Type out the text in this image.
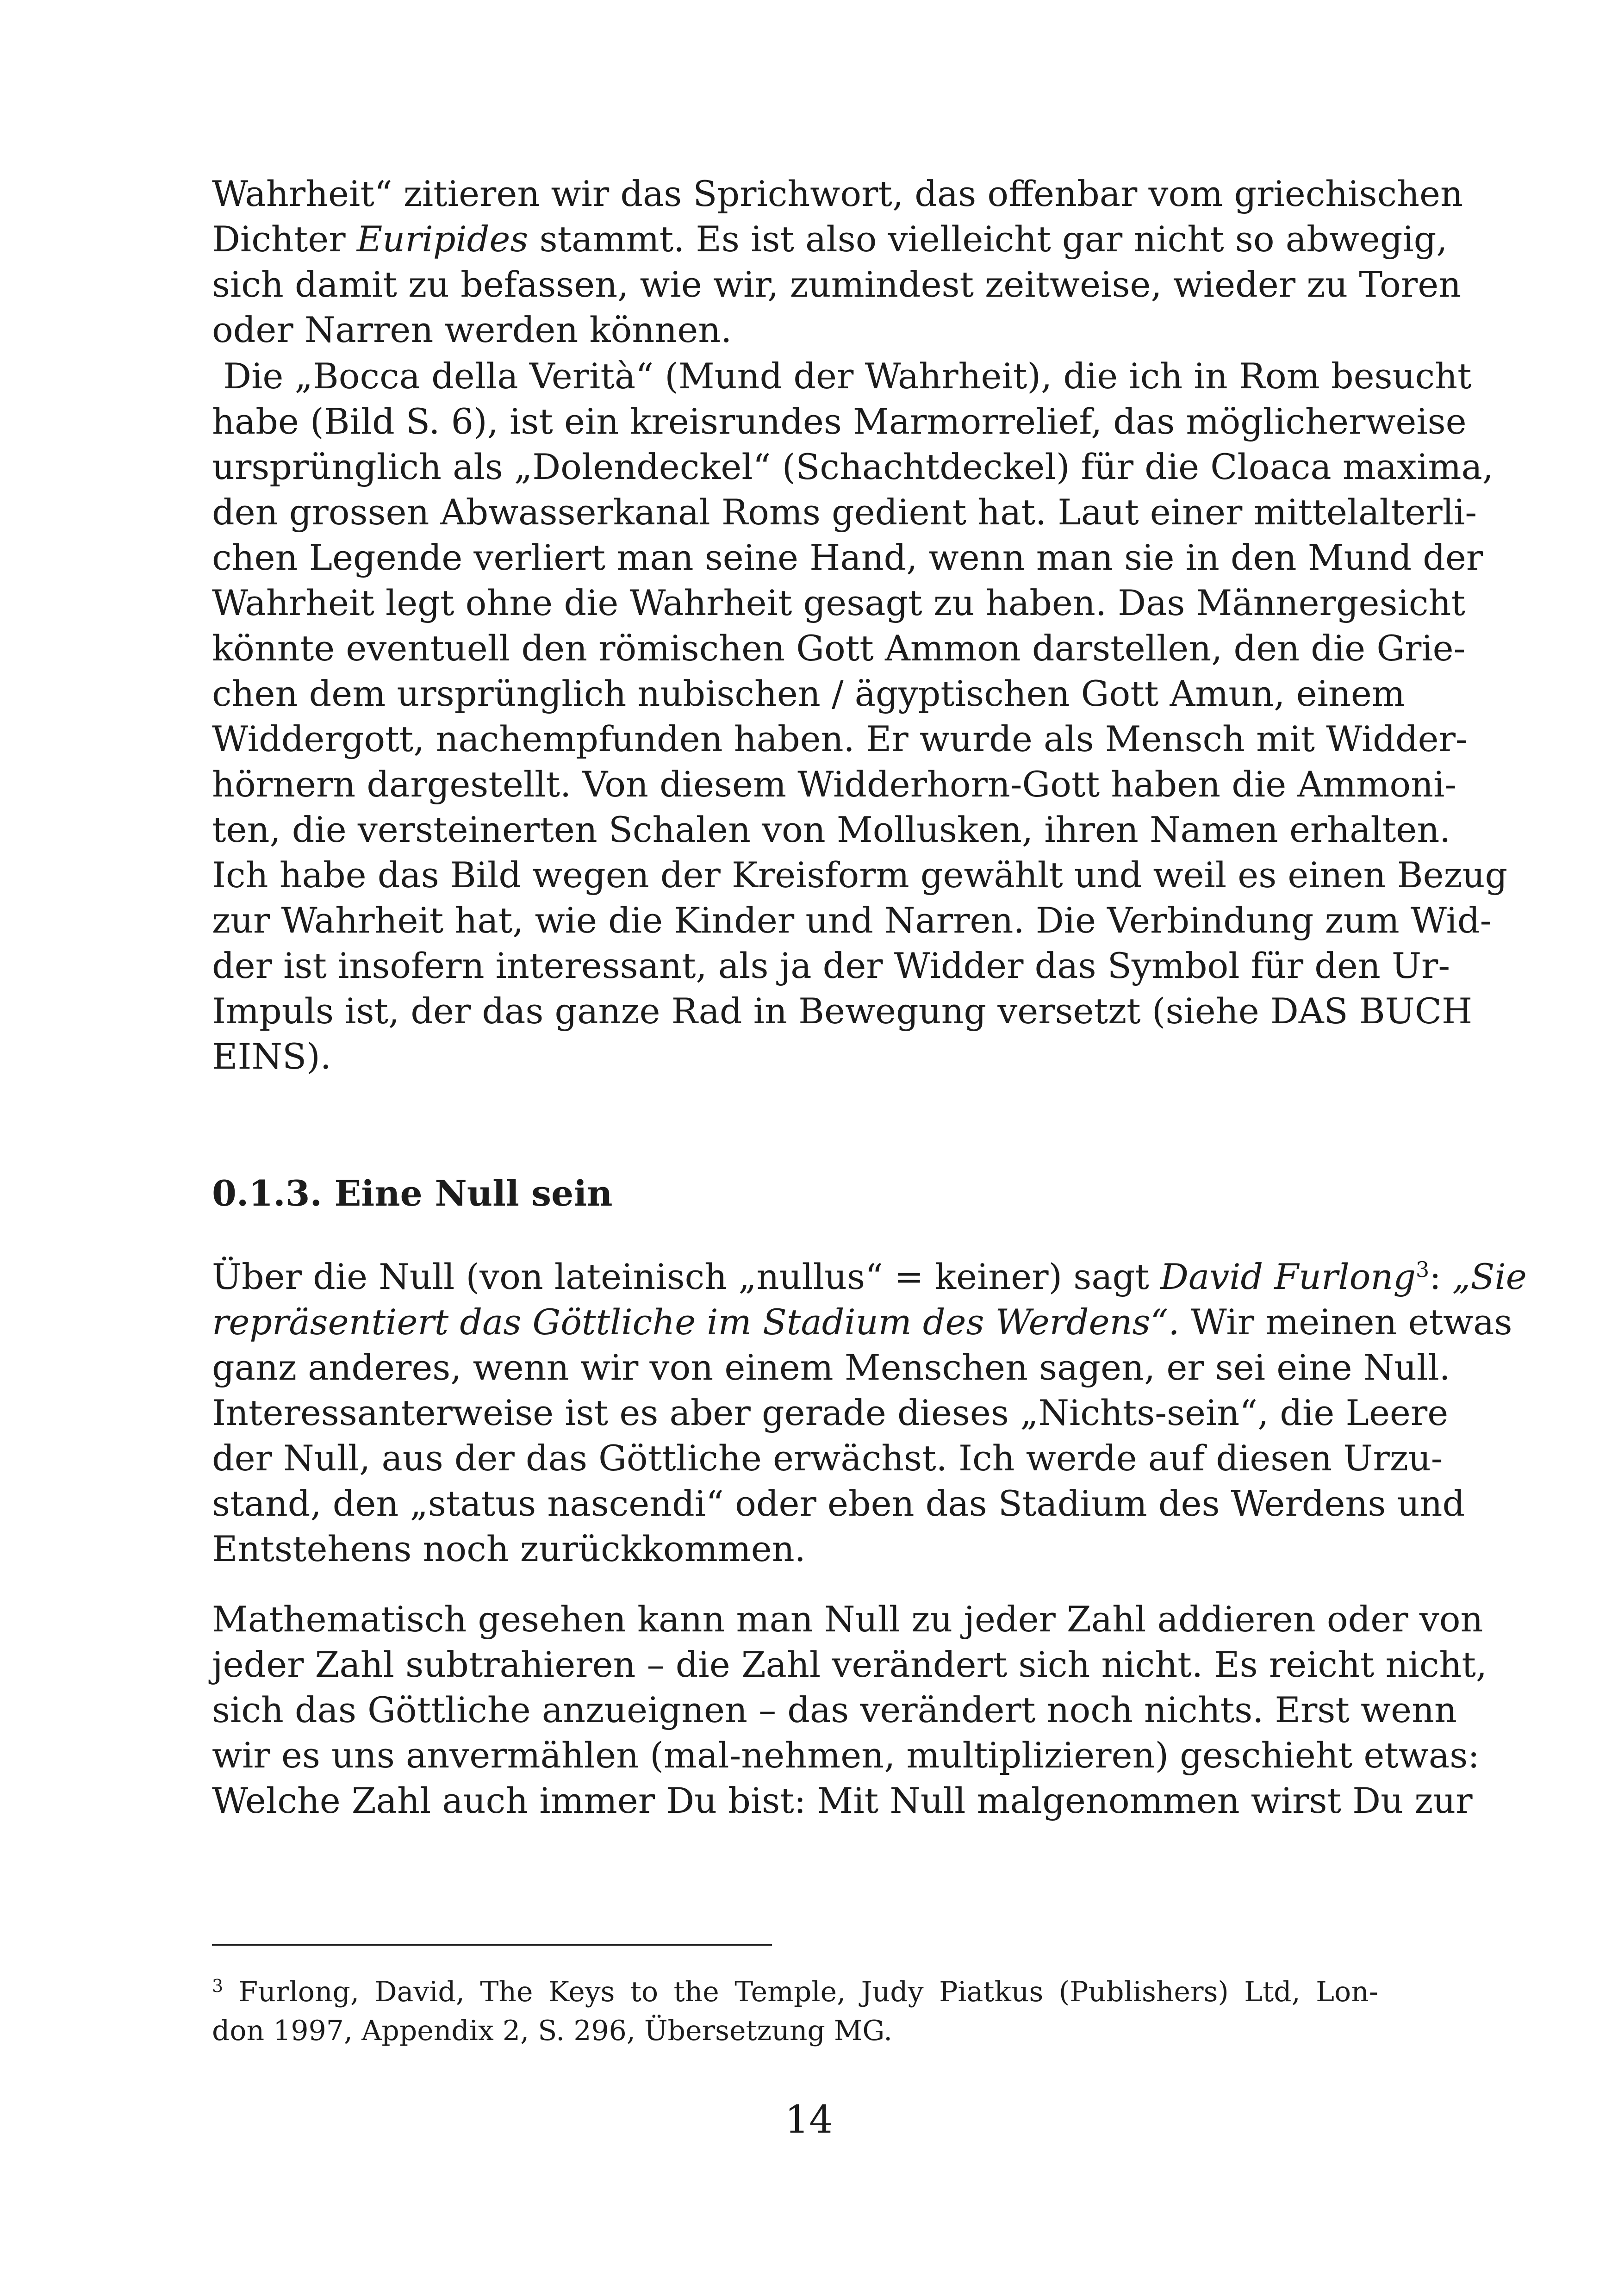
Wahrheit“ zitieren wir das Sprichwort, das offenbar vom griechischen
Dichter Euripides stammt. Es ist also vielleicht gar nicht so abwegig,
sich damit zu befassen, wie wir, zumindest zeitweise, wieder zu Toren
oder Narren werden können.
Die „Bocca della Verità“ (Mund der Wahrheit), die ich in Rom besucht
habe (Bild S. 6), ist ein kreisrundes Marmorrelief, das möglicherweise
ursprünglich als „Dolendeckel“ (Schachtdeckel) für die Cloaca maxima,
den grossen Abwasserkanal Roms gedient hat. Laut einer mittelalterli-
chen Legende verliert man seine Hand, wenn man sie in den Mund der
Wahrheit legt ohne die Wahrheit gesagt zu haben. Das Männergesicht
könnte eventuell den römischen Gott Ammon darstellen, den die Grie-
chen dem ursprünglich nubischen / ägyptischen Gott Amun, einem
Widdergott, nachempfunden haben. Er wurde als Mensch mit Widder-
hörnern dargestellt. Von diesem Widderhorn-Gott haben die Ammoni-
ten, die versteinerten Schalen von Mollusken, ihren Namen erhalten.
Ich habe das Bild wegen der Kreisform gewählt und weil es einen Bezug
zur Wahrheit hat, wie die Kinder und Narren. Die Verbindung zum Wid-
der ist insofern interessant, als ja der Widder das Symbol für den Ur-
Impuls ist, der das ganze Rad in Bewegung versetzt (siehe DAS BUCH
EINS).
0.1.3. Eine Null sein
Über die Null (von lateinisch „nullus“ = keiner) sagt David Furlong$^3$: „Sie
repräsentiert das Göttliche im Stadium des Werdens“. Wir meinen etwas
ganz anderes, wenn wir von einem Menschen sagen, er sei eine Null.
Interessanterweise ist es aber gerade dieses „Nichts-sein“, die Leere
der Null, aus der das Göttliche erwächst. Ich werde auf diesen Urzu-
stand, den „status nascendi“ oder eben das Stadium des Werdens und
Entstehens noch zurückkommen.
Mathematisch gesehen kann man Null zu jeder Zahl addieren oder von
jeder Zahl subtrahieren – die Zahl verändert sich nicht. Es reicht nicht,
sich das Göttliche anzueignen – das verändert noch nichts. Erst wenn
wir es uns anvermählen (mal-nehmen, multiplizieren) geschieht etwas:
Welche Zahl auch immer Du bist: Mit Null malgenommen wirst Du zur
$^3$ Furlong, David, The Keys to the Temple, Judy Piatkus (Publishers) Ltd, Lon-
don 1997, Appendix 2, S. 296, Übersetzung MG.
14
